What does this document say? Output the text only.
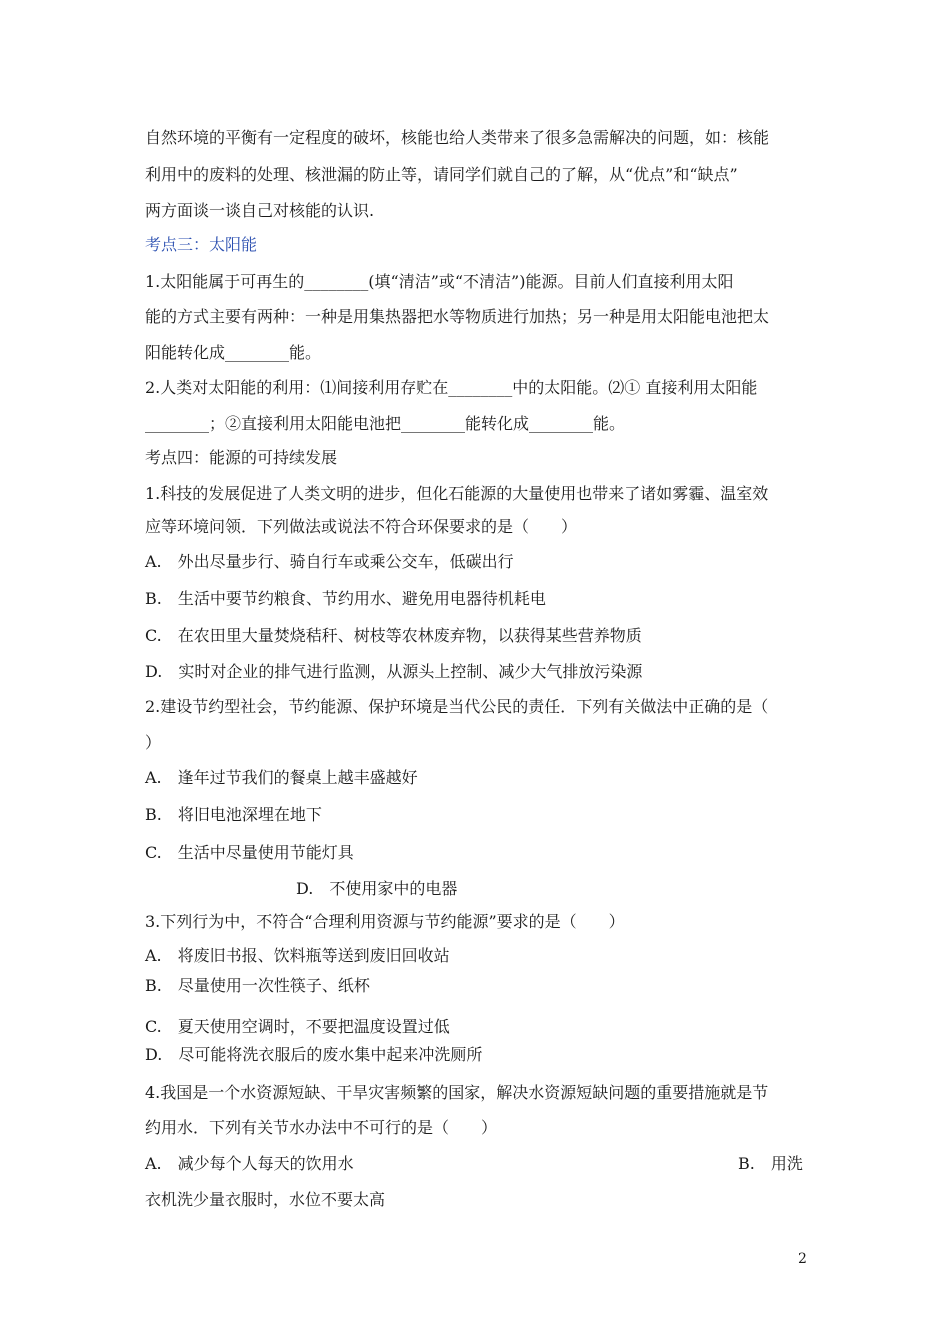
自然环境的平衡有一定程度的破坏，核能也给人类带来了很多急需解决的问题，如：核能
利用中的废料的处理、核泄漏的防止等，请同学们就自己的了解，从“优点”和“缺点”
两方面谈一谈自己对核能的认识.
考点三：太阳能
1.太阳能属于可再生的________(填“清洁”或“不清洁”)能源。目前人们直接利用太阳
能的方式主要有两种：一种是用集热器把水等物质进行加热；另一种是用太阳能电池把太
阳能转化成________能。
2.人类对太阳能的利用：⑴间接利用存贮在________中的太阳能。⑵① 直接利用太阳能
________；②直接利用太阳能电池把________能转化成________能。
考点四：能源的可持续发展
1.科技的发展促进了人类文明的进步，但化石能源的大量使用也带来了诸如雾霾、温室效
应等环境问领．下列做法或说法不符合环保要求的是（　　）
A.　外出尽量步行、骑自行车或乘公交车，低碳出行
B.　生活中要节约粮食、节约用水、避免用电器待机耗电
C.　在农田里大量焚烧秸秆、树枝等农林废弃物，以获得某些营养物质
D.　实时对企业的排气进行监测，从源头上控制、减少大气排放污染源
2.建设节约型社会，节约能源、保护环境是当代公民的责任．下列有关做法中正确的是（
）
A.　逢年过节我们的餐桌上越丰盛越好
B.　将旧电池深埋在地下
C.　生活中尽量使用节能灯具
D.　不使用家中的电器
3.下列行为中，不符合“合理利用资源与节约能源”要求的是（　　）
A.　将废旧书报、饮料瓶等送到废旧回收站
B.　尽量使用一次性筷子、纸杯
C.　夏天使用空调时，不要把温度设置过低
D.　尽可能将洗衣服后的废水集中起来冲洗厕所
4.我国是一个水资源短缺、干旱灾害频繁的国家，解决水资源短缺问题的重要措施就是节
约用水．下列有关节水办法中不可行的是（　　）
A.　减少每个人每天的饮用水	B.　用洗
衣机洗少量衣服时，水位不要太高
2
